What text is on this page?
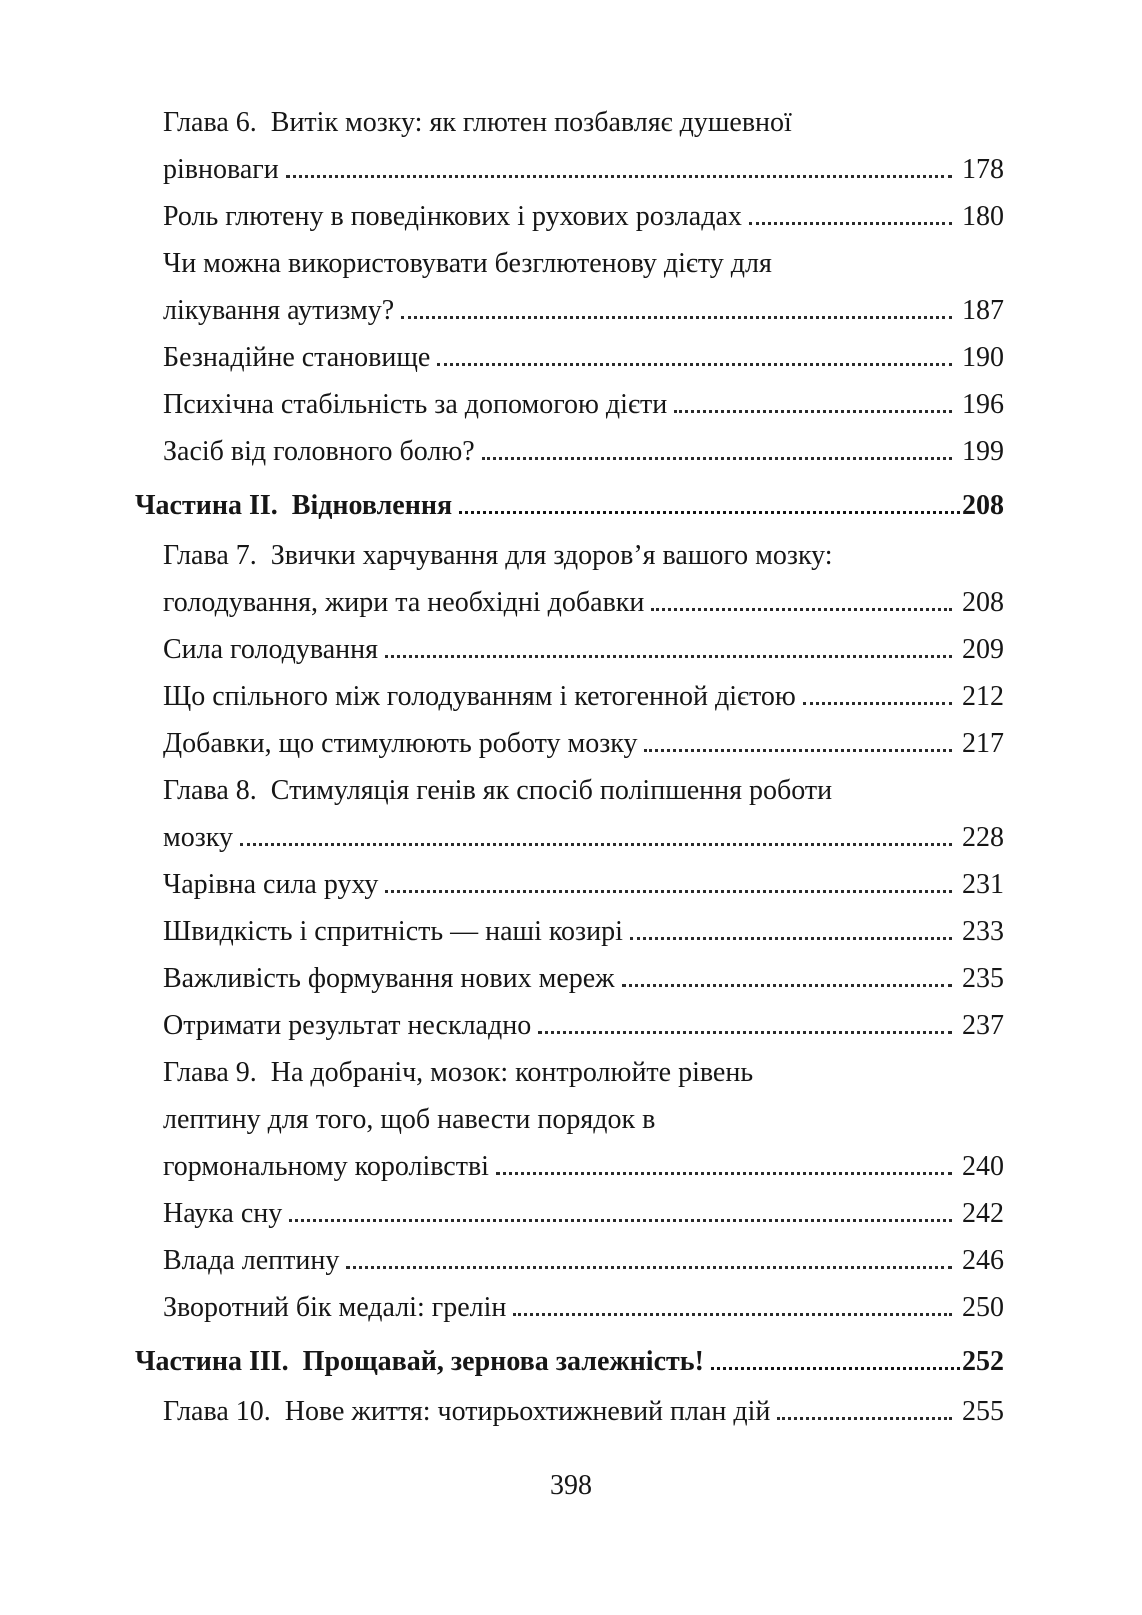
Глава 6.  Витік мозку: як глютен позбавляє душевної
рівноваги	178
Роль глютену в поведінкових і рухових розладах	180
Чи можна використовувати безглютенову дієту для
лікування аутизму?	187
Безнадійне становище	190
Психічна стабільність за допомогою дієти	196
Засіб від головного болю?	199
Частина II.  Відновлення	208
Глава 7.  Звички харчування для здоров’я вашого мозку:
голодування, жири та необхідні добавки	208
Сила голодування	209
Що спільного між голодуванням і кетогенной дієтою	212
Добавки, що стимулюють роботу мозку	217
Глава 8.  Стимуляція генів як спосіб поліпшення роботи
мозку	228
Чарівна сила руху	231
Швидкість і спритність — наші козирі	233
Важливість формування нових мереж	235
Отримати результат нескладно	237
Глава 9.  На добраніч, мозок: контролюйте рівень
лептину для того, щоб навести порядок в
гормональному королівстві	240
Наука сну	242
Влада лептину	246
Зворотний бік медалі: грелін	250
Частина III.  Прощавай, зернова залежність!	252
Глава 10.  Нове життя: чотирьохтижневий план дій	255
398
